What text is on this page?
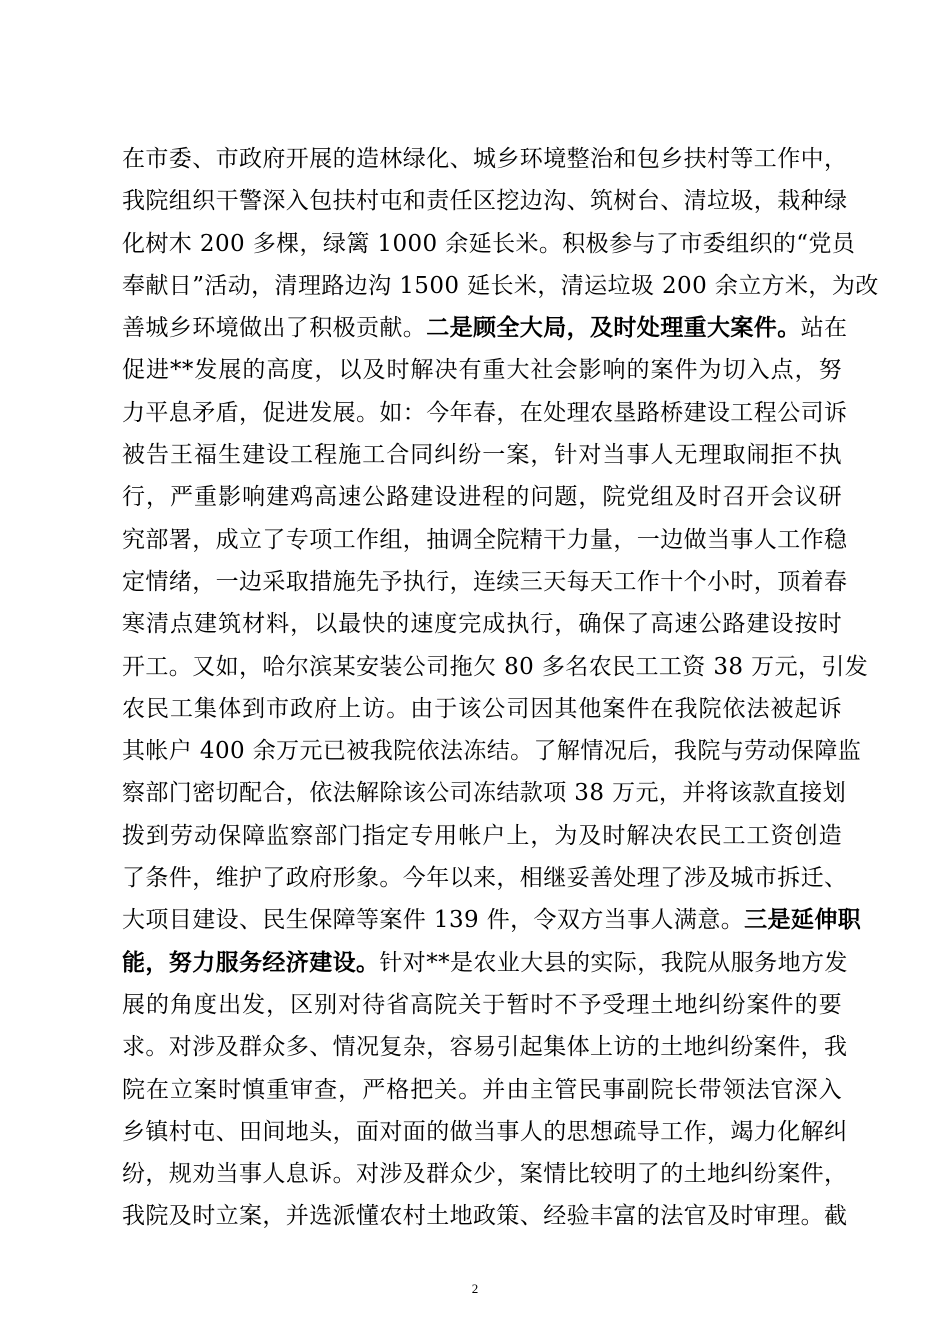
在市委、市政府开展的造林绿化、城乡环境整治和包乡扶村等工作中，
我院组织干警深入包扶村屯和责任区挖边沟、筑树台、清垃圾，栽种绿
化树木 200 多棵，绿篱 1000 余延长米。积极参与了市委组织的“党员
奉献日”活动，清理路边沟 1500 延长米，清运垃圾 200 余立方米，为改
善城乡环境做出了积极贡献。二是顾全大局，及时处理重大案件。站在
促进**发展的高度，以及时解决有重大社会影响的案件为切入点，努
力平息矛盾，促进发展。如：今年春，在处理农垦路桥建设工程公司诉
被告王福生建设工程施工合同纠纷一案，针对当事人无理取闹拒不执
行，严重影响建鸡高速公路建设进程的问题，院党组及时召开会议研
究部署，成立了专项工作组，抽调全院精干力量，一边做当事人工作稳
定情绪，一边采取措施先予执行，连续三天每天工作十个小时，顶着春
寒清点建筑材料，以最快的速度完成执行，确保了高速公路建设按时
开工。又如，哈尔滨某安装公司拖欠 80 多名农民工工资 38 万元，引发
农民工集体到市政府上访。由于该公司因其他案件在我院依法被起诉
其帐户 400 余万元已被我院依法冻结。了解情况后，我院与劳动保障监
察部门密切配合，依法解除该公司冻结款项 38 万元，并将该款直接划
拨到劳动保障监察部门指定专用帐户上，为及时解决农民工工资创造
了条件，维护了政府形象。今年以来，相继妥善处理了涉及城市拆迁、
大项目建设、民生保障等案件 139 件，令双方当事人满意。三是延伸职
能，努力服务经济建设。针对**是农业大县的实际，我院从服务地方发
展的角度出发，区别对待省高院关于暂时不予受理土地纠纷案件的要
求。对涉及群众多、情况复杂，容易引起集体上访的土地纠纷案件，我
院在立案时慎重审查，严格把关。并由主管民事副院长带领法官深入
乡镇村屯、田间地头，面对面的做当事人的思想疏导工作，竭力化解纠
纷，规劝当事人息诉。对涉及群众少，案情比较明了的土地纠纷案件，
我院及时立案，并选派懂农村土地政策、经验丰富的法官及时审理。截
2
